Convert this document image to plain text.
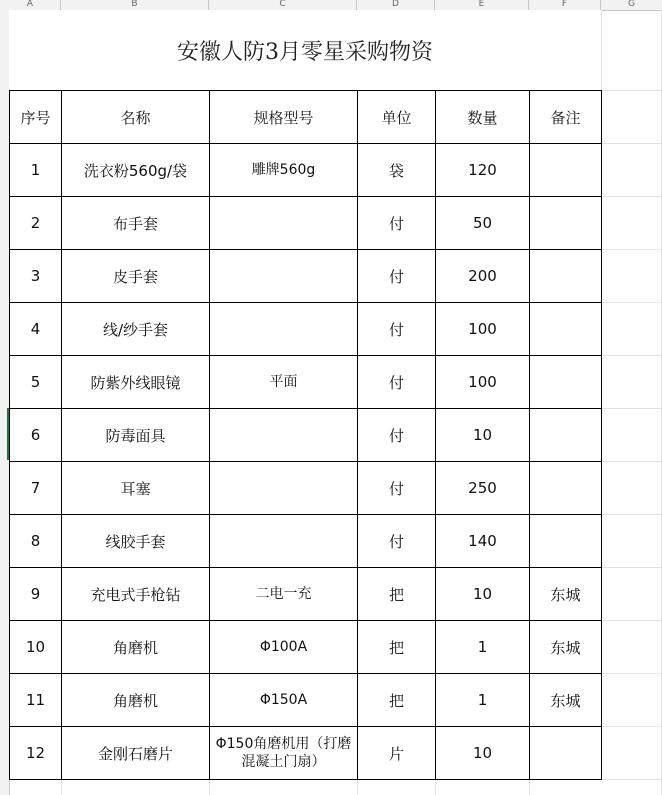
A	B	C	D	E	F	G
安徽人防3月零星采购物资
序号	名称	规格型号	单位	数量	备注
1	洗衣粉560g/袋	雕牌560g	袋	120	
2	布手套		付	50	
3	皮手套		付	200	
4	线/纱手套		付	100	
5	防紫外线眼镜	平面	付	100	
6	防毒面具		付	10	
7	耳塞		付	250	
8	线胶手套		付	140	
9	充电式手枪钻	二电一充	把	10	东城
10	角磨机	Φ100A	把	1	东城
11	角磨机	Φ150A	把	1	东城
12	金刚石磨片	Φ150角磨机用（打磨混凝土门扇）	片	10	
